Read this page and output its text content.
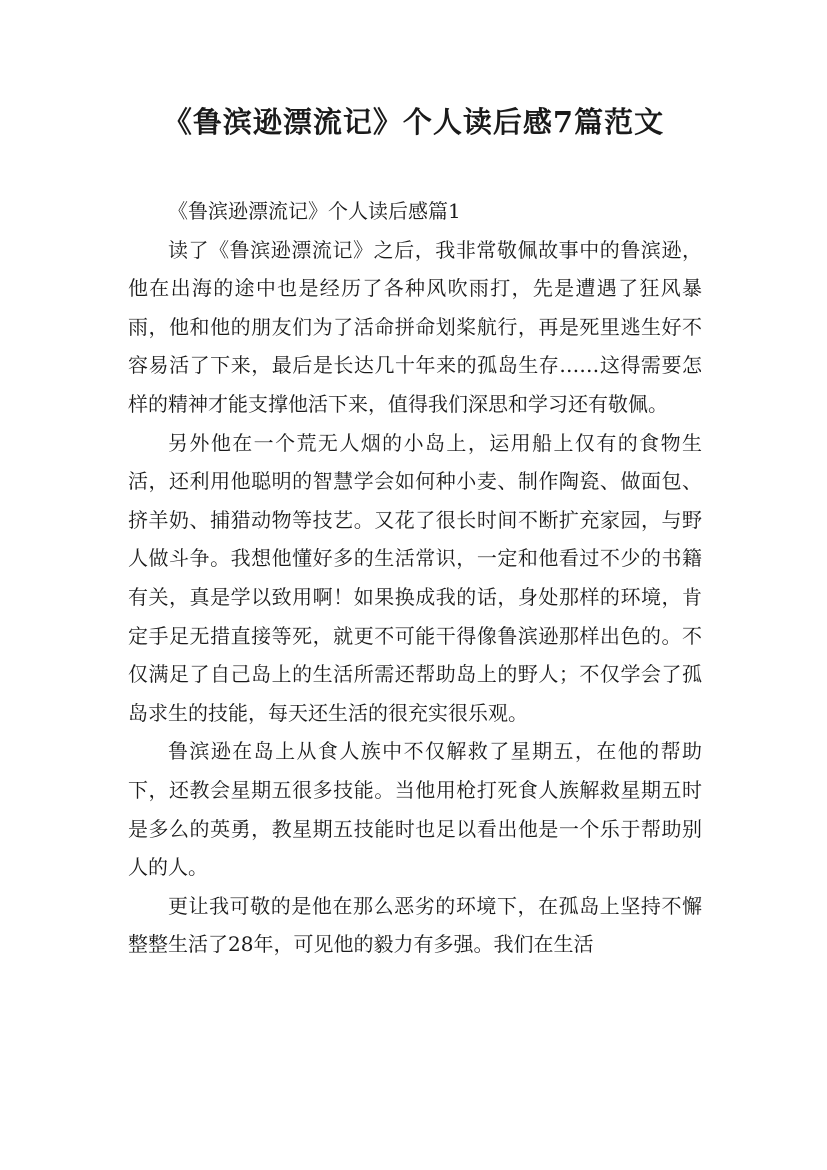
《鲁滨逊漂流记》个人读后感7篇范文

《鲁滨逊漂流记》个人读后感篇1

读了《鲁滨逊漂流记》之后，我非常敬佩故事中的鲁滨逊，他在出海的途中也是经历了各种风吹雨打，先是遭遇了狂风暴雨，他和他的朋友们为了活命拼命划桨航行，再是死里逃生好不容易活了下来，最后是长达几十年来的孤岛生存……这得需要怎样的精神才能支撑他活下来，值得我们深思和学习还有敬佩。

另外他在一个荒无人烟的小岛上，运用船上仅有的食物生活，还利用他聪明的智慧学会如何种小麦、制作陶瓷、做面包、挤羊奶、捕猎动物等技艺。又花了很长时间不断扩充家园，与野人做斗争。我想他懂好多的生活常识，一定和他看过不少的书籍有关，真是学以致用啊！如果换成我的话，身处那样的环境，肯定手足无措直接等死，就更不可能干得像鲁滨逊那样出色的。不仅满足了自己岛上的生活所需还帮助岛上的野人；不仅学会了孤岛求生的技能，每天还生活的很充实很乐观。

鲁滨逊在岛上从食人族中不仅解救了星期五，在他的帮助下，还教会星期五很多技能。当他用枪打死食人族解救星期五时是多么的英勇，教星期五技能时也足以看出他是一个乐于帮助别人的人。

更让我可敬的是他在那么恶劣的环境下，在孤岛上坚持不懈整整生活了28年，可见他的毅力有多强。我们在生活
